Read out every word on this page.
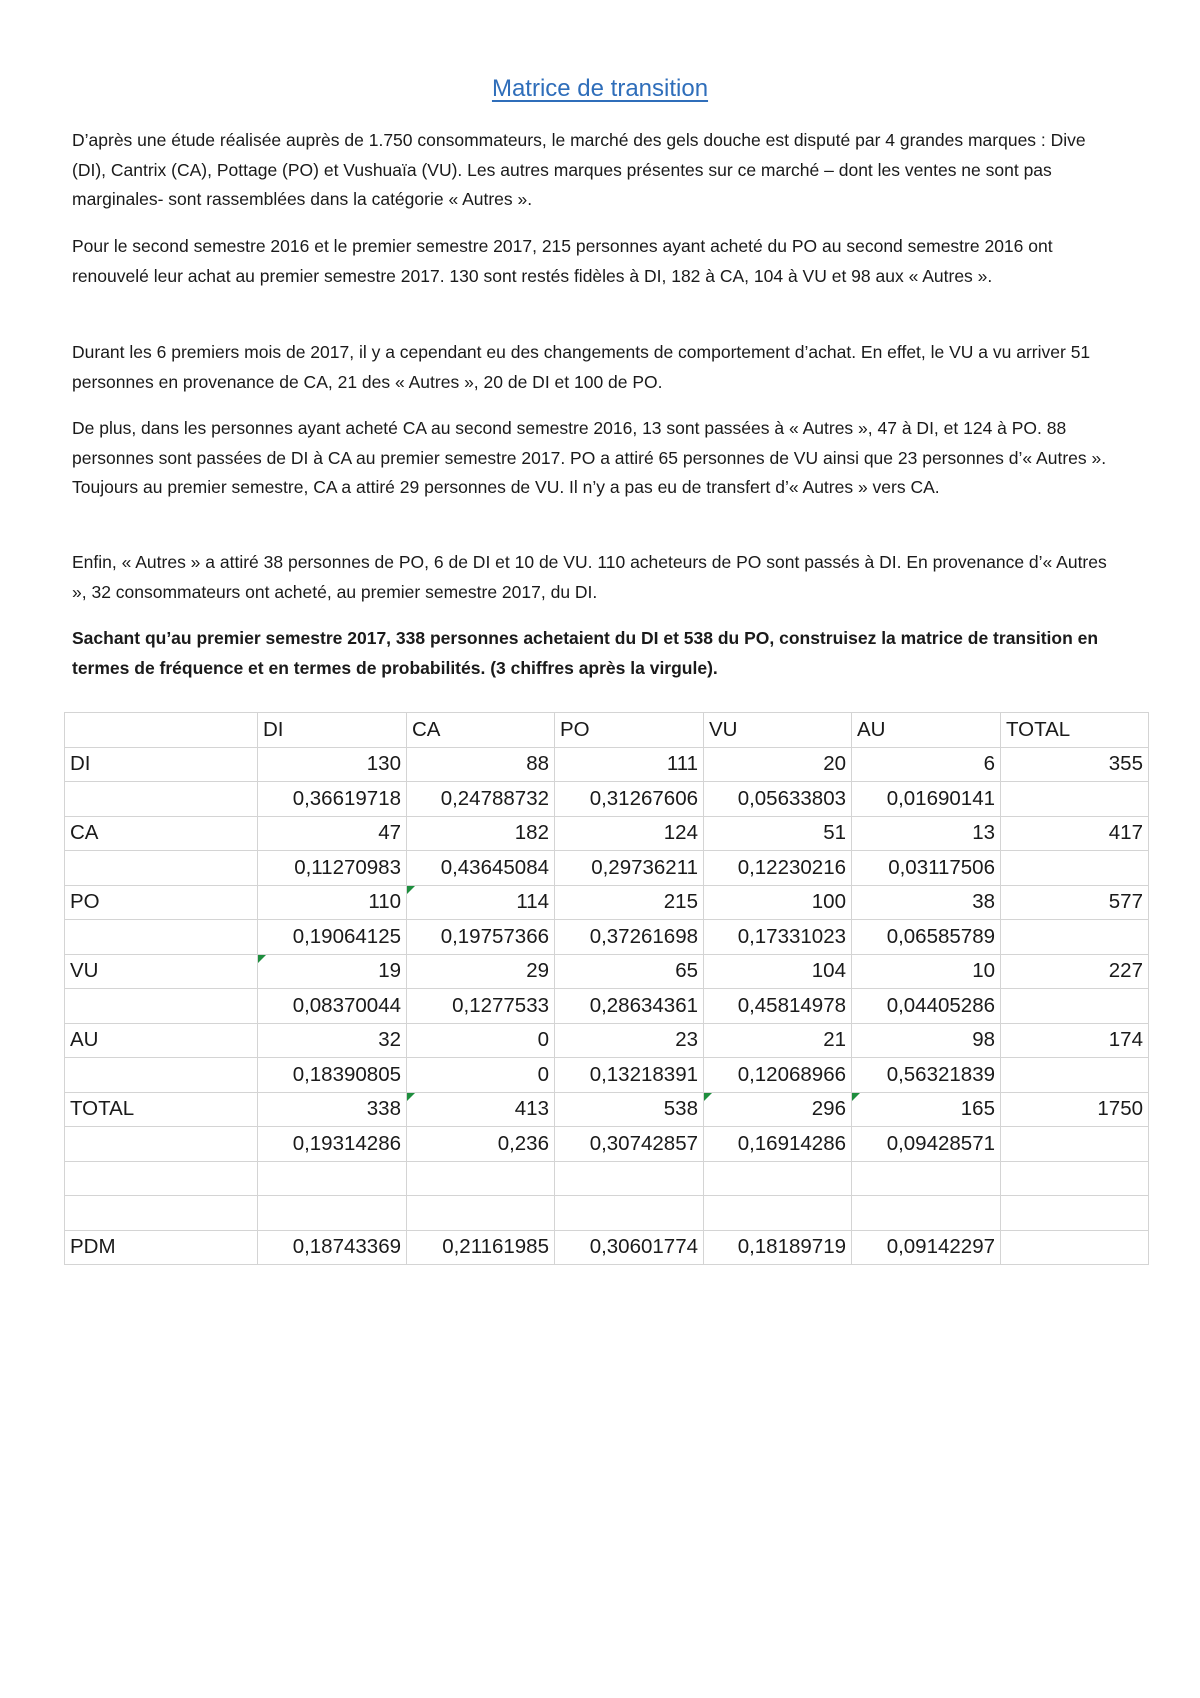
Matrice de transition

D’après une étude réalisée auprès de 1.750 consommateurs, le marché des gels douche est disputé par 4 grandes marques : Dive (DI), Cantrix (CA), Pottage (PO) et Vushuaïa (VU). Les autres marques présentes sur ce marché – dont les ventes ne sont pas marginales- sont rassemblées dans la catégorie « Autres ».

Pour le second semestre 2016 et le premier semestre 2017, 215 personnes ayant acheté du PO au second semestre 2016 ont renouvelé leur achat au premier semestre 2017. 130 sont restés fidèles à DI, 182 à CA, 104 à VU et 98 aux « Autres ».

Durant les 6 premiers mois de 2017, il y a cependant eu des changements de comportement d’achat. En effet, le VU a vu arriver 51 personnes en provenance de CA, 21 des « Autres », 20 de DI et 100 de PO.

De plus, dans les personnes ayant acheté CA au second semestre 2016, 13 sont passées à « Autres », 47 à DI, et 124 à PO. 88 personnes sont passées de DI à CA au premier semestre 2017. PO a attiré 65 personnes de VU ainsi que 23 personnes d’« Autres ». Toujours au premier semestre, CA a attiré 29 personnes de VU. Il n’y a pas eu de transfert d’« Autres » vers CA.

Enfin, « Autres » a attiré 38 personnes de PO, 6 de DI et 10 de VU. 110 acheteurs de PO sont passés à DI. En provenance d’« Autres », 32 consommateurs ont acheté, au premier semestre 2017, du DI.

Sachant qu’au premier semestre 2017, 338 personnes achetaient du DI et 538 du PO, construisez la matrice de transition en termes de fréquence et en termes de probabilités. (3 chiffres après la virgule).

	DI	CA	PO	VU	AU	TOTAL
DI	130	88	111	20	6	355
	0,36619718	0,24788732	0,31267606	0,05633803	0,01690141	
CA	47	182	124	51	13	417
	0,11270983	0,43645084	0,29736211	0,12230216	0,03117506	
PO	110	114	215	100	38	577
	0,19064125	0,19757366	0,37261698	0,17331023	0,06585789	
VU	19	29	65	104	10	227
	0,08370044	0,1277533	0,28634361	0,45814978	0,04405286	
AU	32	0	23	21	98	174
	0,18390805	0	0,13218391	0,12068966	0,56321839	
TOTAL	338	413	538	296	165	1750
	0,19314286	0,236	0,30742857	0,16914286	0,09428571	

PDM	0,18743369	0,21161985	0,30601774	0,18189719	0,09142297	
